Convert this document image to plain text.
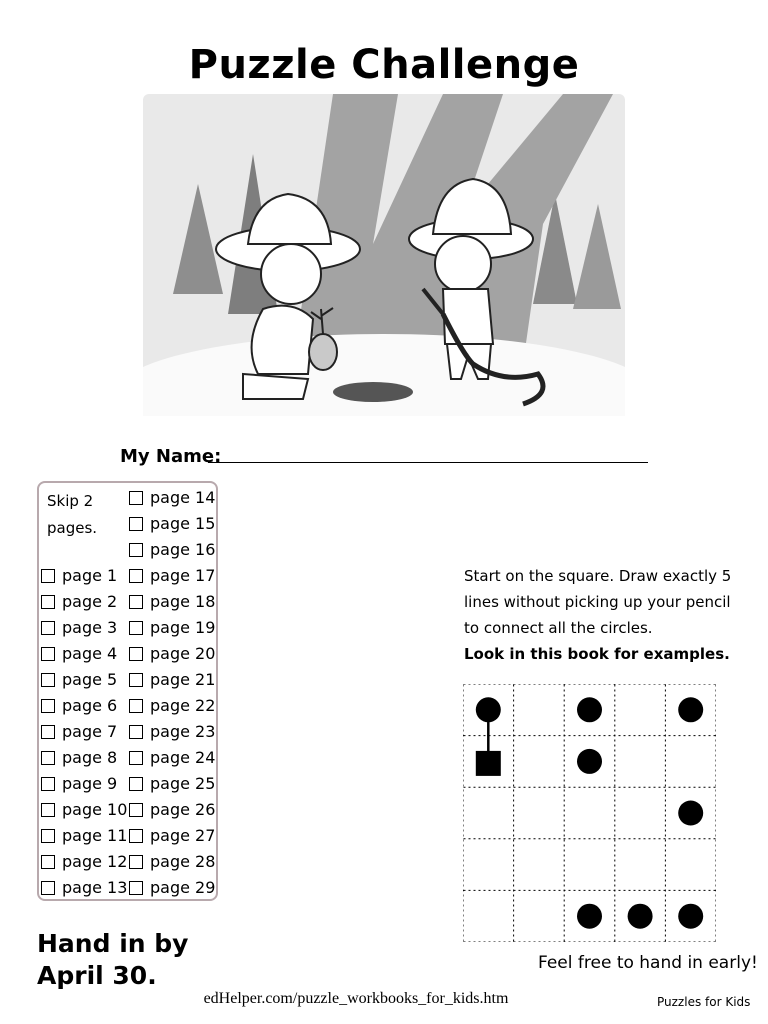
Puzzle Challenge
My Name:
Skip 2
pages.
page 1
page 2
page 3
page 4
page 5
page 6
page 7
page 8
page 9
page 10
page 11
page 12
page 13
page 14
page 15
page 16
page 17
page 18
page 19
page 20
page 21
page 22
page 23
page 24
page 25
page 26
page 27
page 28
page 29
Start on the square. Draw exactly 5
lines without picking up your pencil
to connect all the circles.
Look in this book for examples.
Hand in by
April 30.	Feel free to hand in early!
edHelper.com/puzzle_workbooks_for_kids.htm	Puzzles for Kids
